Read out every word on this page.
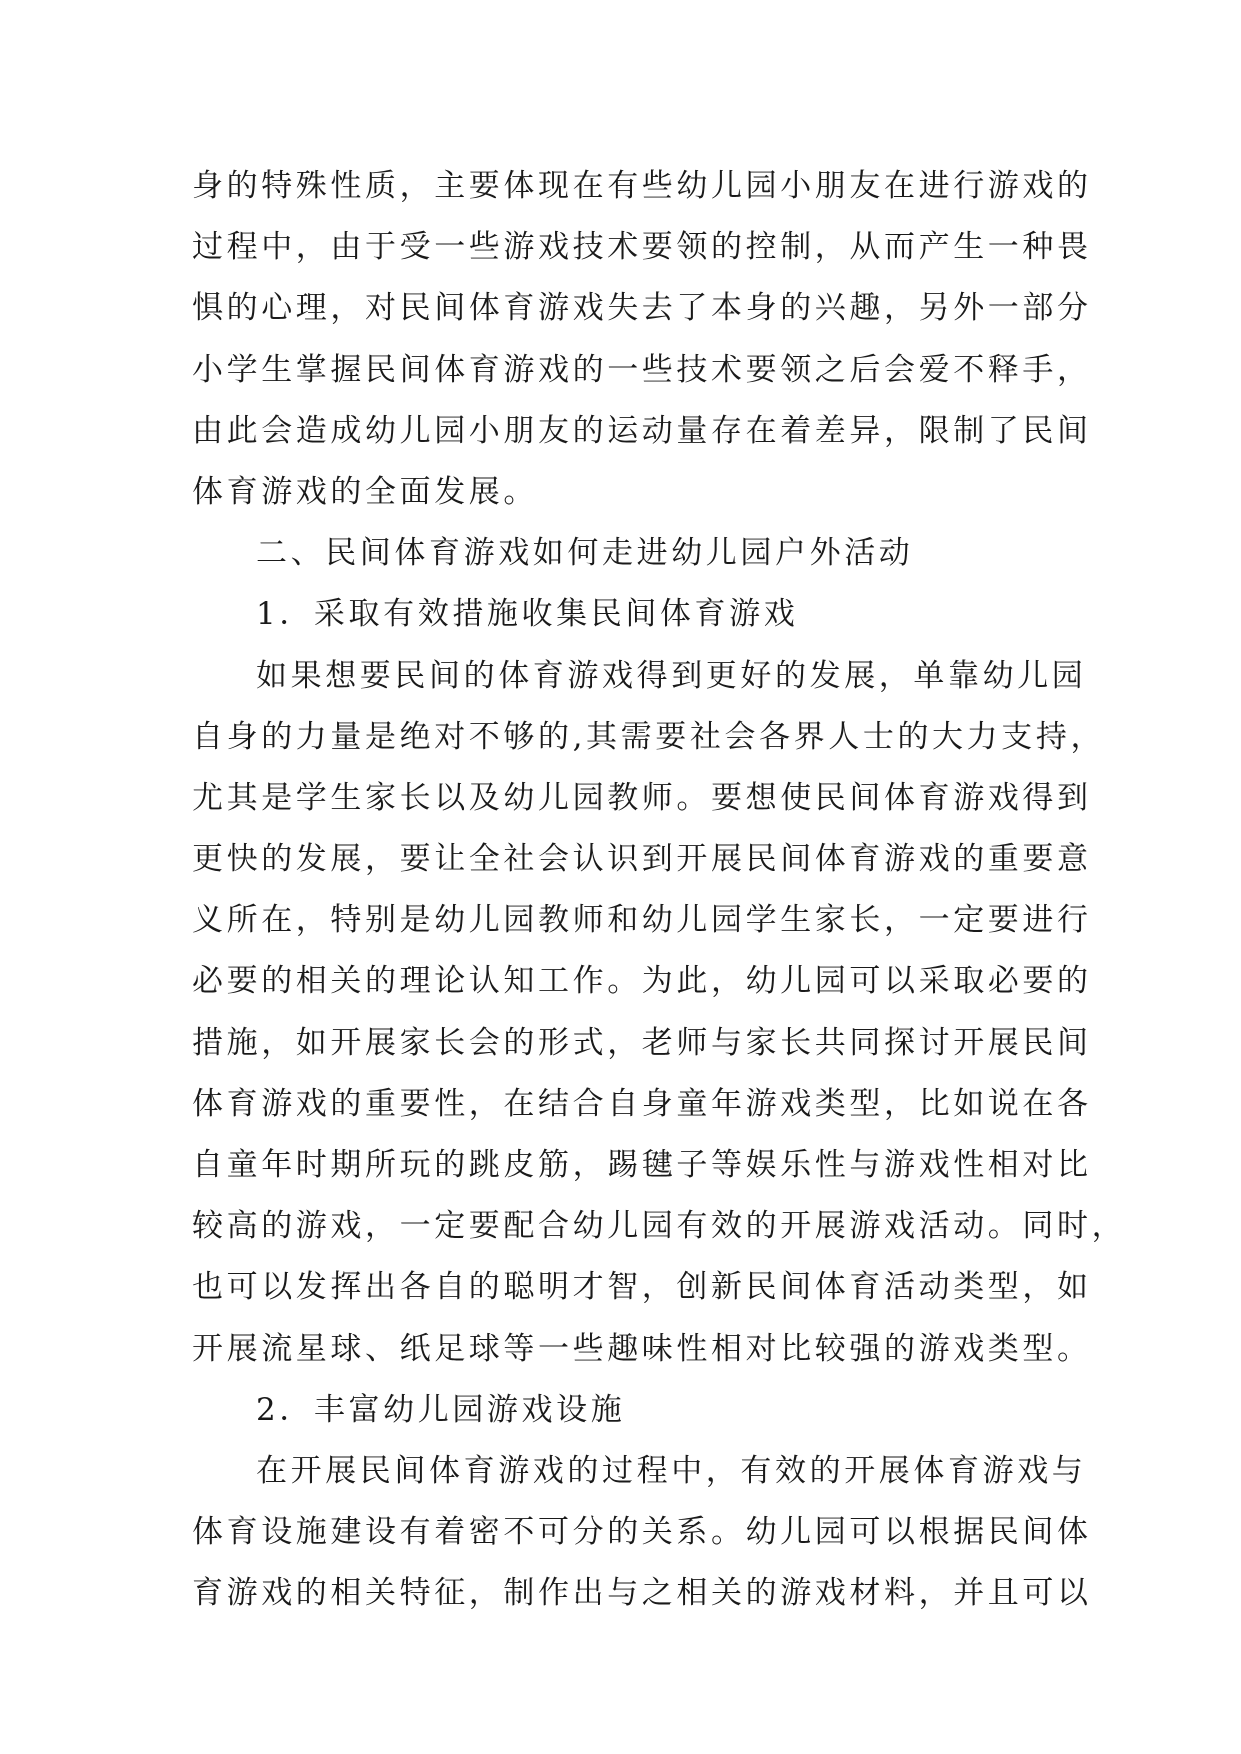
身的特殊性质，主要体现在有些幼儿园小朋友在进行游戏的
过程中，由于受一些游戏技术要领的控制，从而产生一种畏
惧的心理，对民间体育游戏失去了本身的兴趣，另外一部分
小学生掌握民间体育游戏的一些技术要领之后会爱不释手，
由此会造成幼儿园小朋友的运动量存在着差异，限制了民间
体育游戏的全面发展。
二、民间体育游戏如何走进幼儿园户外活动
1．采取有效措施收集民间体育游戏
如果想要民间的体育游戏得到更好的发展，单靠幼儿园
自身的力量是绝对不够的,其需要社会各界人士的大力支持，
尤其是学生家长以及幼儿园教师。要想使民间体育游戏得到
更快的发展，要让全社会认识到开展民间体育游戏的重要意
义所在，特别是幼儿园教师和幼儿园学生家长，一定要进行
必要的相关的理论认知工作。为此，幼儿园可以采取必要的
措施，如开展家长会的形式，老师与家长共同探讨开展民间
体育游戏的重要性，在结合自身童年游戏类型，比如说在各
自童年时期所玩的跳皮筋，踢毽子等娱乐性与游戏性相对比
较高的游戏，一定要配合幼儿园有效的开展游戏活动。同时，
也可以发挥出各自的聪明才智，创新民间体育活动类型，如
开展流星球、纸足球等一些趣味性相对比较强的游戏类型。
2．丰富幼儿园游戏设施
在开展民间体育游戏的过程中，有效的开展体育游戏与
体育设施建设有着密不可分的关系。幼儿园可以根据民间体
育游戏的相关特征，制作出与之相关的游戏材料，并且可以
